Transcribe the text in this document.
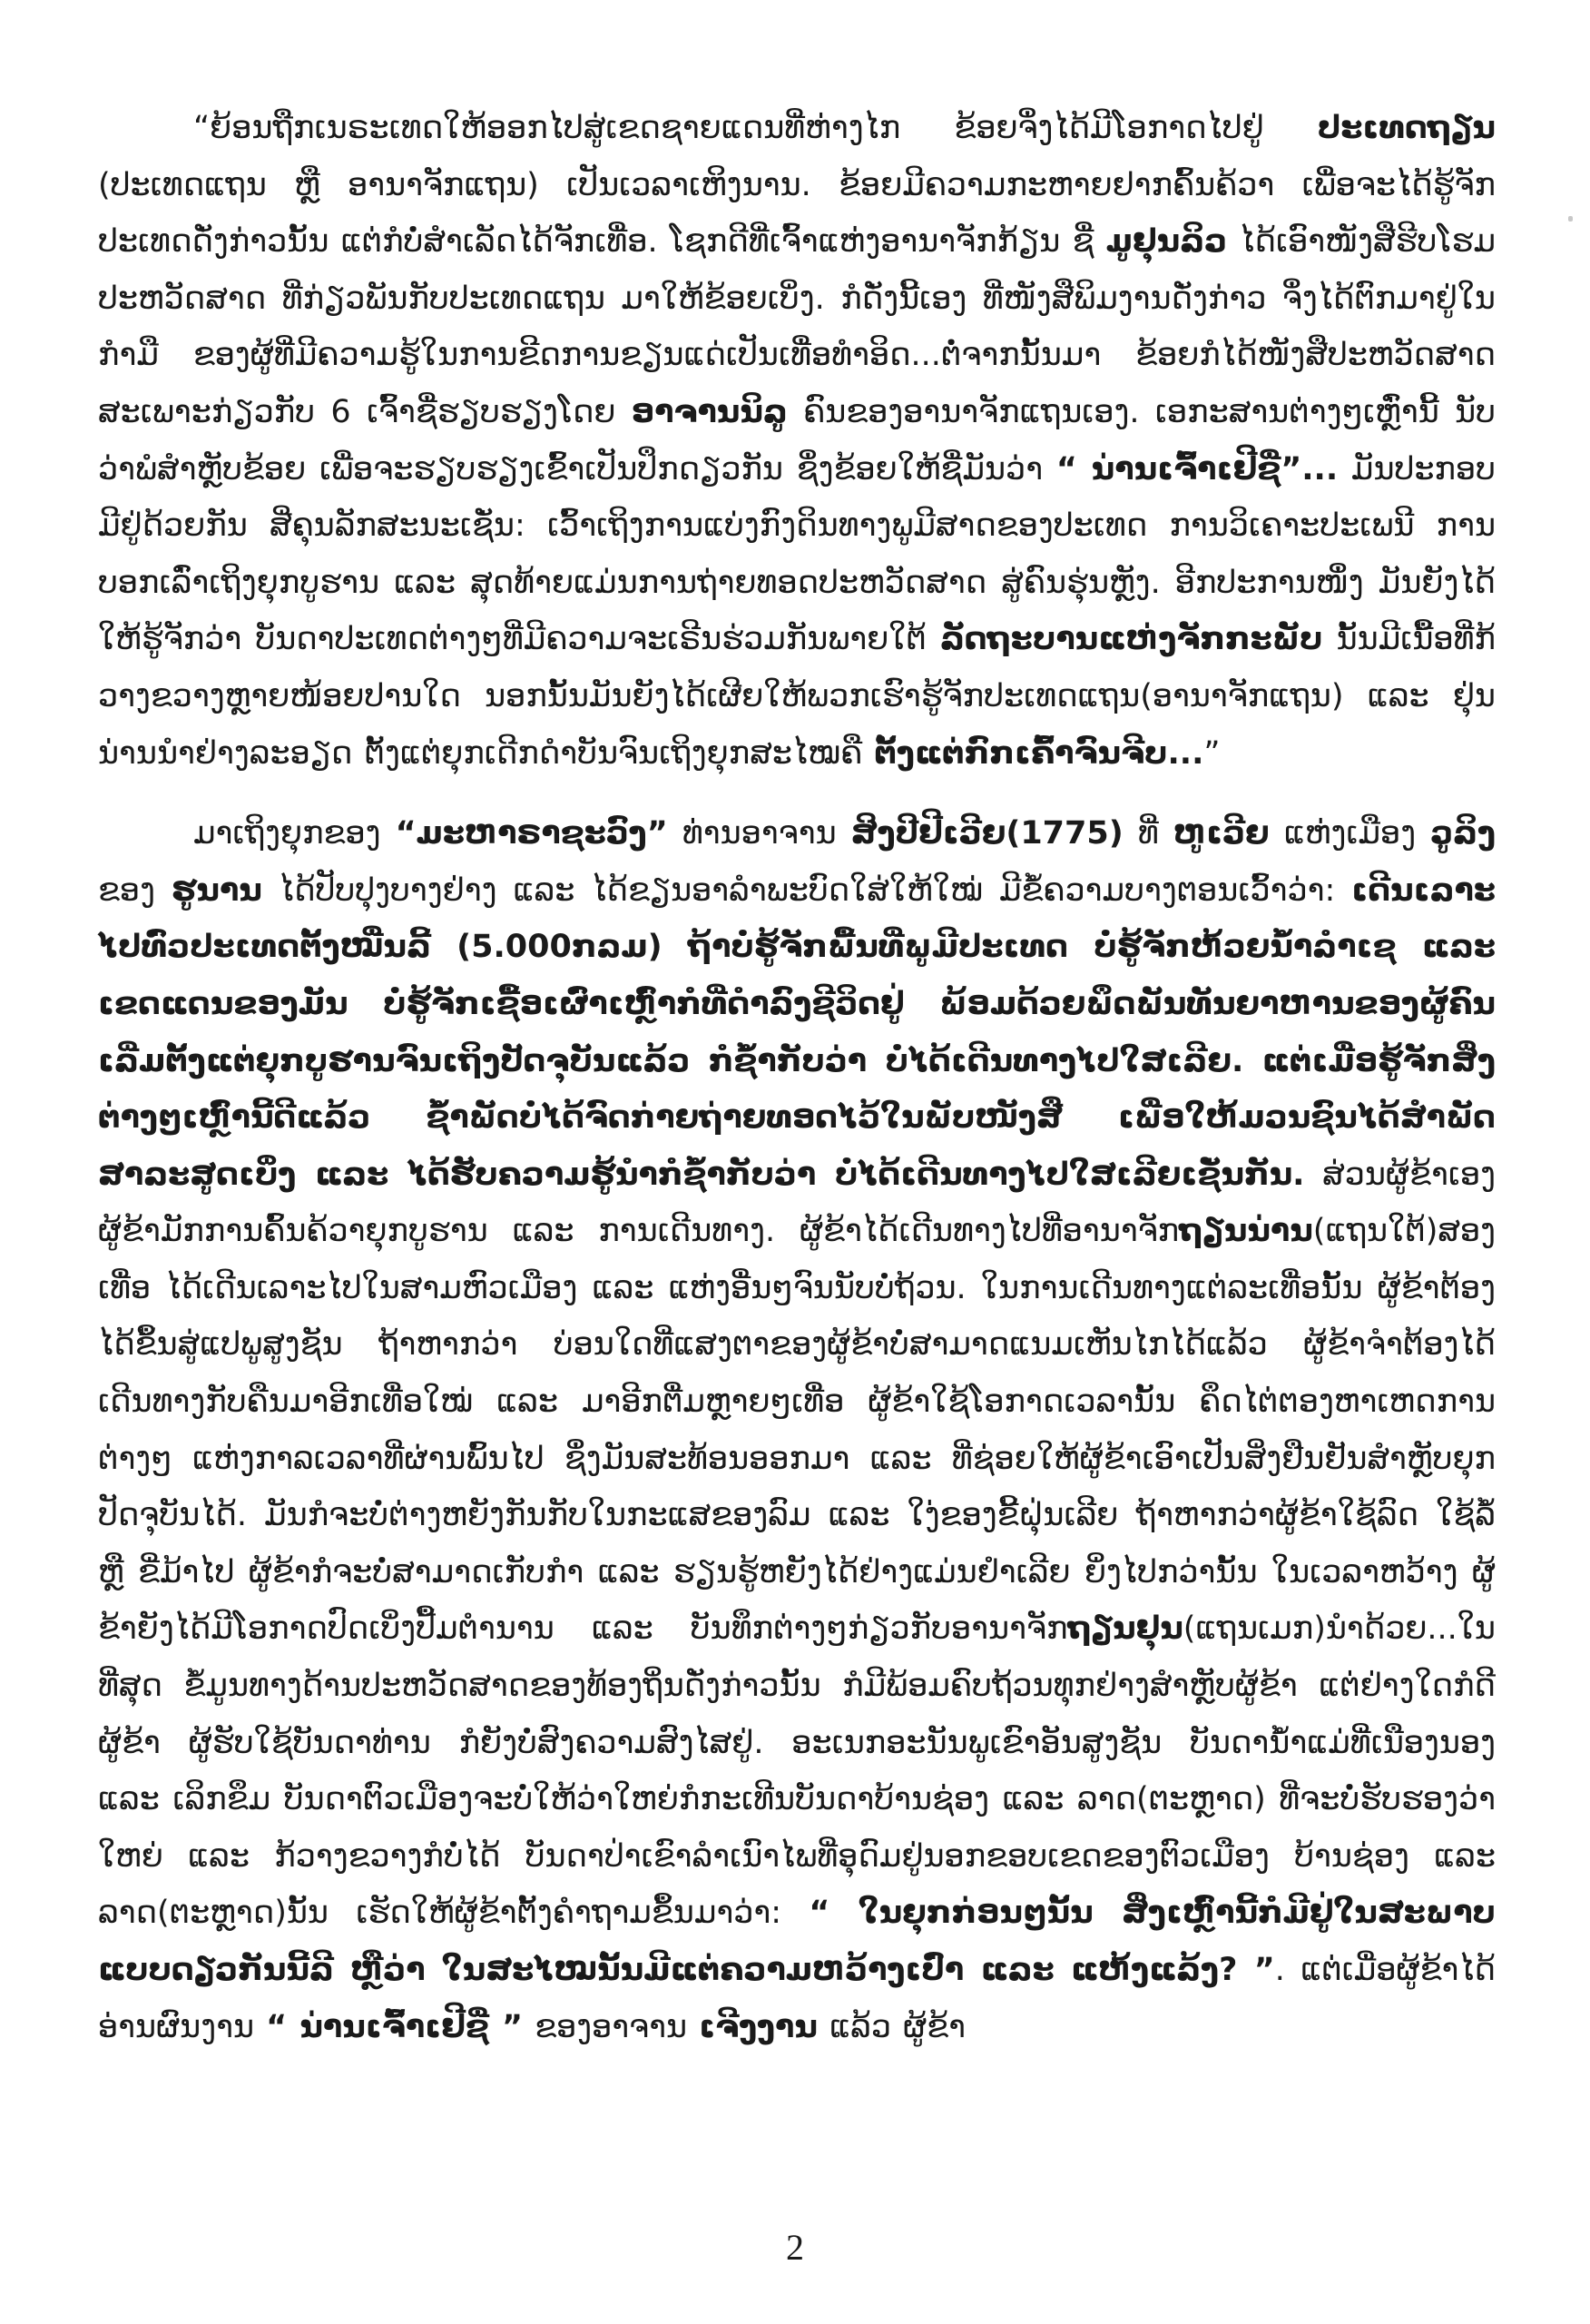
“ຍ້ອນຖືກເນຣະເທດໃຫ້ອອກໄປສູ່ເຂດຊາຍແດນທີ່ຫ່າງໄກ ຂ້ອຍຈຶ່ງໄດ້ມີໂອກາດໄປຢູ່ ປະເທດຖຽນ (ປະເທດແຖນ ຫຼື ອານາຈັກແຖນ) ເປັນເວລາເຫິງນານ. ຂ້ອຍມີຄວາມກະຫາຍຢາກຄົ້ນຄ້ວາ ເພື່ອຈະໄດ້ຮູ້ຈັກປະເທດດັ່ງກ່າວນັ້ນ ແຕ່ກໍບໍ່ສຳເລັດໄດ້ຈັກເທື່ອ. ໂຊກດີທີ່ເຈົ້າແຫ່ງອານາຈັກກ້ຽນ ຊື່ ມູຢຸນລິວ ໄດ້ເອົາໜັງສືຮີບໂຮມປະຫວັດສາດ ທີ່ກ່ຽວພັນກັບປະເທດແຖນ ມາໃຫ້ຂ້ອຍເບິ່ງ. ກໍດັ່ງນີ້ເອງ ທີ່ໜັງສືພິມງານດັ່ງກ່າວ ຈຶ່ງໄດ້ຕົກມາຢູ່ໃນກຳມື ຂອງຜູ້ທີ່ມີຄວາມຮູ້ໃນການຂີດການຂຽນແດ່ເປັນເທື່ອທຳອິດ...ຕໍ່ຈາກນັ້ນມາ ຂ້ອຍກໍໄດ້ໜັງສືປະຫວັດສາດສະເພາະກ່ຽວກັບ 6 ເຈົ້າຊື່ຮຽບຮຽງໂດຍ ອາຈານນິລູ ຄົນຂອງອານາຈັກແຖນເອງ. ເອກະສານຕ່າງໆເຫຼົ່ານີ້ ນັບວ່າພໍສຳຫຼັບຂ້ອຍ ເພື່ອຈະຮຽບຮຽງເຂົ້າເປັນປຶກດຽວກັນ ຊຶ່ງຂ້ອຍໃຫ້ຊື່ມັນວ່າ “ ນ່ານເຈົ້າເຢີຊື່”... ມັນປະກອບມີຢູ່ດ້ວຍກັນ ສີ່ຄຸນລັກສະນະເຊັ່ນ: ເວົ້າເຖິງການແບ່ງກົງດິນທາງພູມີສາດຂອງປະເທດ ການວິເຄາະປະເພນີ ການບອກເລົ່າເຖິງຍຸກບູຮານ ແລະ ສຸດທ້າຍແມ່ນການຖ່າຍທອດປະຫວັດສາດ ສູ່ຄົນຮຸ່ນຫຼັງ. ອີກປະການໜຶ່ງ ມັນຍັງໄດ້ໃຫ້ຮູ້ຈັກວ່າ ບັນດາປະເທດຕ່າງໆທີ່ມີຄວາມຈະເຣີນຮ່ວມກັນພາຍໃຕ້ ລັດຖະບານແຫ່ງຈັກກະພັບ ນັ້ນມີເນື້ອທີ່ກ້ວາງຂວາງຫຼາຍໜ້ອຍປານໃດ ນອກນັ້ນມັນຍັງໄດ້ເຜີຍໃຫ້ພວກເຮົາຮູ້ຈັກປະເທດແຖນ(ອານາຈັກແຖນ) ແລະ ຢຸ່ນນ່ານນຳຢ່າງລະອຽດ ຕັ້ງແຕ່ຍຸກເດີກດຳບັນຈົນເຖິງຍຸກສະໄໝຄື ຕັ້ງແຕ່ກົກເຄົ້າຈົນຈີບ...”

ມາເຖິງຍຸກຂອງ “ມະຫາຣາຊະວົງ” ທ່ານອາຈານ ສິງປີຢີເວີຍ(1775) ທີ່ ຫູເວີຍ ແຫ່ງເມືອງ ວູລິງ ຂອງ ຮູນານ ໄດ້ປັບປຸງບາງຢ່າງ ແລະ ໄດ້ຂຽນອາລຳພະບົດໃສ່ໃຫ້ໃໝ່ ມີຂໍ້ຄວາມບາງຕອນເວົ້າວ່າ: ເດີນເລາະໄປທົ່ວປະເທດຕັ້ງໝື່ນລີ້ (5.000ກລມ) ຖ້າບໍ່ຮູ້ຈັກພື້ນທີ່ພູມີປະເທດ ບໍ່ຮູ້ຈັກຫ້ວຍນ້ຳລຳເຊ ແລະ ເຂດແດນຂອງມັນ ບໍ່ຮູ້ຈັກເຊື້ອເຜົ່າເຫຼົ່າກໍທີ່ດຳລົງຊີວິດຢູ່ ພ້ອມດ້ວຍພຶດພັນທັນຍາຫານຂອງຜູ້ຄົນ ເລີ່ມຕັ້ງແຕ່ຍຸກບູຮານຈົນເຖິງປັດຈຸບັນແລ້ວ ກໍຊ້ຳກັບວ່າ ບໍ່ໄດ້ເດີນທາງໄປໃສເລີຍ. ແຕ່ເມື່ອຮູ້ຈັກສິ່ງຕ່າງໆເຫຼົ່ານີ້ດີແລ້ວ ຊ້ຳພັດບໍ່ໄດ້ຈົດກ່າຍຖ່າຍທອດໄວ້ໃນພັບໜັງສື ເພື່ອໃຫ້ມວນຊົນໄດ້ສຳພັດສາລະສູດເບິ່ງ ແລະ ໄດ້ຮັບຄວາມຮູ້ນຳກໍຊ້ຳກັບວ່າ ບໍ່ໄດ້ເດີນທາງໄປໃສເລີຍເຊັ່ນກັນ. ສ່ວນຜູ້ຂ້າເອງ ຜູ້ຂ້າມັກການຄົ້ນຄ້ວາຍຸກບູຮານ ແລະ ການເດີນທາງ. ຜູ້ຂ້າໄດ້ເດີນທາງໄປທີ່ອານາຈັກຖຽນນ່ານ(ແຖນໃຕ້)ສອງເທື່ອ ໄດ້ເດີນເລາະໄປໃນສາມຫົວເມືອງ ແລະ ແຫ່ງອື່ນໆຈົນນັບບໍ່ຖ້ວນ. ໃນການເດີນທາງແຕ່ລະເທື່ອນັ້ນ ຜູ້ຂ້າຕ້ອງໄດ້ຂຶ້ນສູ່ແປພູສູງຊັນ ຖ້າຫາກວ່າ ບ່ອນໃດທີ່ແສງຕາຂອງຜູ້ຂ້າບໍ່ສາມາດແນມເຫັນໄກໄດ້ແລ້ວ ຜູ້ຂ້າຈຳຕ້ອງໄດ້ເດີນທາງກັບຄືນມາອີກເທື່ອໃໝ່ ແລະ ມາອີກຕື່ມຫຼາຍໆເທື່ອ ຜູ້ຂ້າໃຊ້ໂອກາດເວລານັ້ນ ຄຶດໄຕ່ຕອງຫາເຫດການຕ່າງໆ ແຫ່ງກາລເວລາທີ່ຜ່ານພົ້ນໄປ ຊຶ່ງມັນສະທ້ອນອອກມາ ແລະ ທີ່ຊ່ອຍໃຫ້ຜູ້ຂ້າເອົາເປັນສິ່ງຢືນຢັນສຳຫຼັບຍຸກປັດຈຸບັນໄດ້. ມັນກໍຈະບໍ່ຕ່າງຫຍັງກັນກັບໃນກະແສຂອງລົມ ແລະ ໃງ່ຂອງຂີ້ຝຸ່ນເລີຍ ຖ້າຫາກວ່າຜູ້ຂ້າໃຊ້ລົດ ໃຊ້ລໍ້ ຫຼື ຂີ່ມ້າໄປ ຜູ້ຂ້າກໍຈະບໍ່ສາມາດເກັບກຳ ແລະ ຮຽນຮູ້ຫຍັງໄດ້ຢ່າງແມ່ນຢຳເລີຍ ຍິ່ງໄປກວ່ານັ້ນ ໃນເວລາຫວ້າງ ຜູ້ຂ້າຍັງໄດ້ມີໂອກາດປົດເບິ່ງປື້ມຕຳນານ ແລະ ບັນທຶກຕ່າງໆກ່ຽວກັບອານາຈັກຖຽນຢຸນ(ແຖນເມກ)ນຳດ້ວຍ...ໃນທີ່ສຸດ ຂໍ້ມູນທາງດ້ານປະຫວັດສາດຂອງທ້ອງຖິ່ນດັ່ງກ່າວນັ້ນ ກໍມີພ້ອມຄົບຖ້ວນທຸກຢ່າງສຳຫຼັບຜູ້ຂ້າ ແຕ່ຢ່າງໃດກໍດີ ຜູ້ຂ້າ ຜູ້ຮັບໃຊ້ບັນດາທ່ານ ກໍຍັງບໍ່ສົງຄວາມສົງໄສຢູ່. ອະເນກອະນັນພູເຂົາອັນສູງຊັນ ບັນດານ້ຳແມ່ທີ່ເນືອງນອງ ແລະ ເລິກຂຶມ ບັນດາຕົວເມືອງຈະບໍ່ໃຫ້ວ່າໃຫຍ່ກໍກະເທີນບັນດາບ້ານຊ່ອງ ແລະ ລາດ(ຕະຫຼາດ) ທີ່ຈະບໍ່ຮັບຮອງວ່າໃຫຍ່ ແລະ ກ້ວາງຂວາງກໍບໍ່ໄດ້ ບັນດາປ່າເຂົາລຳເນົາໄພທີ່ອຸດົມຢູ່ນອກຂອບເຂດຂອງຕົວເມືອງ ບ້ານຊ່ອງ ແລະ ລາດ(ຕະຫຼາດ)ນັ້ນ ເຮັດໃຫ້ຜູ້ຂ້າຕັ້ງຄຳຖາມຂຶ້ນມາວ່າ: “ ໃນຍຸກກ່ອນໆນັ້ນ ສິ່ງເຫຼົ່ານີ້ກໍມີຢູ່ໃນສະພາບແບບດຽວກັນນີ້ລີ ຫຼືວ່າ ໃນສະໄໝນັ້ນມີແຕ່ຄວາມຫວ້າງເປົ່າ ແລະ ແຫ້ງແລ້ງ? ”. ແຕ່ເມື່ອຜູ້ຂ້າໄດ້ອ່ານຜົນງານ “ ນ່ານເຈົ້າເຢີຊື່ ” ຂອງອາຈານ ເຈີງງານ ແລ້ວ ຜູ້ຂ້າ

2
